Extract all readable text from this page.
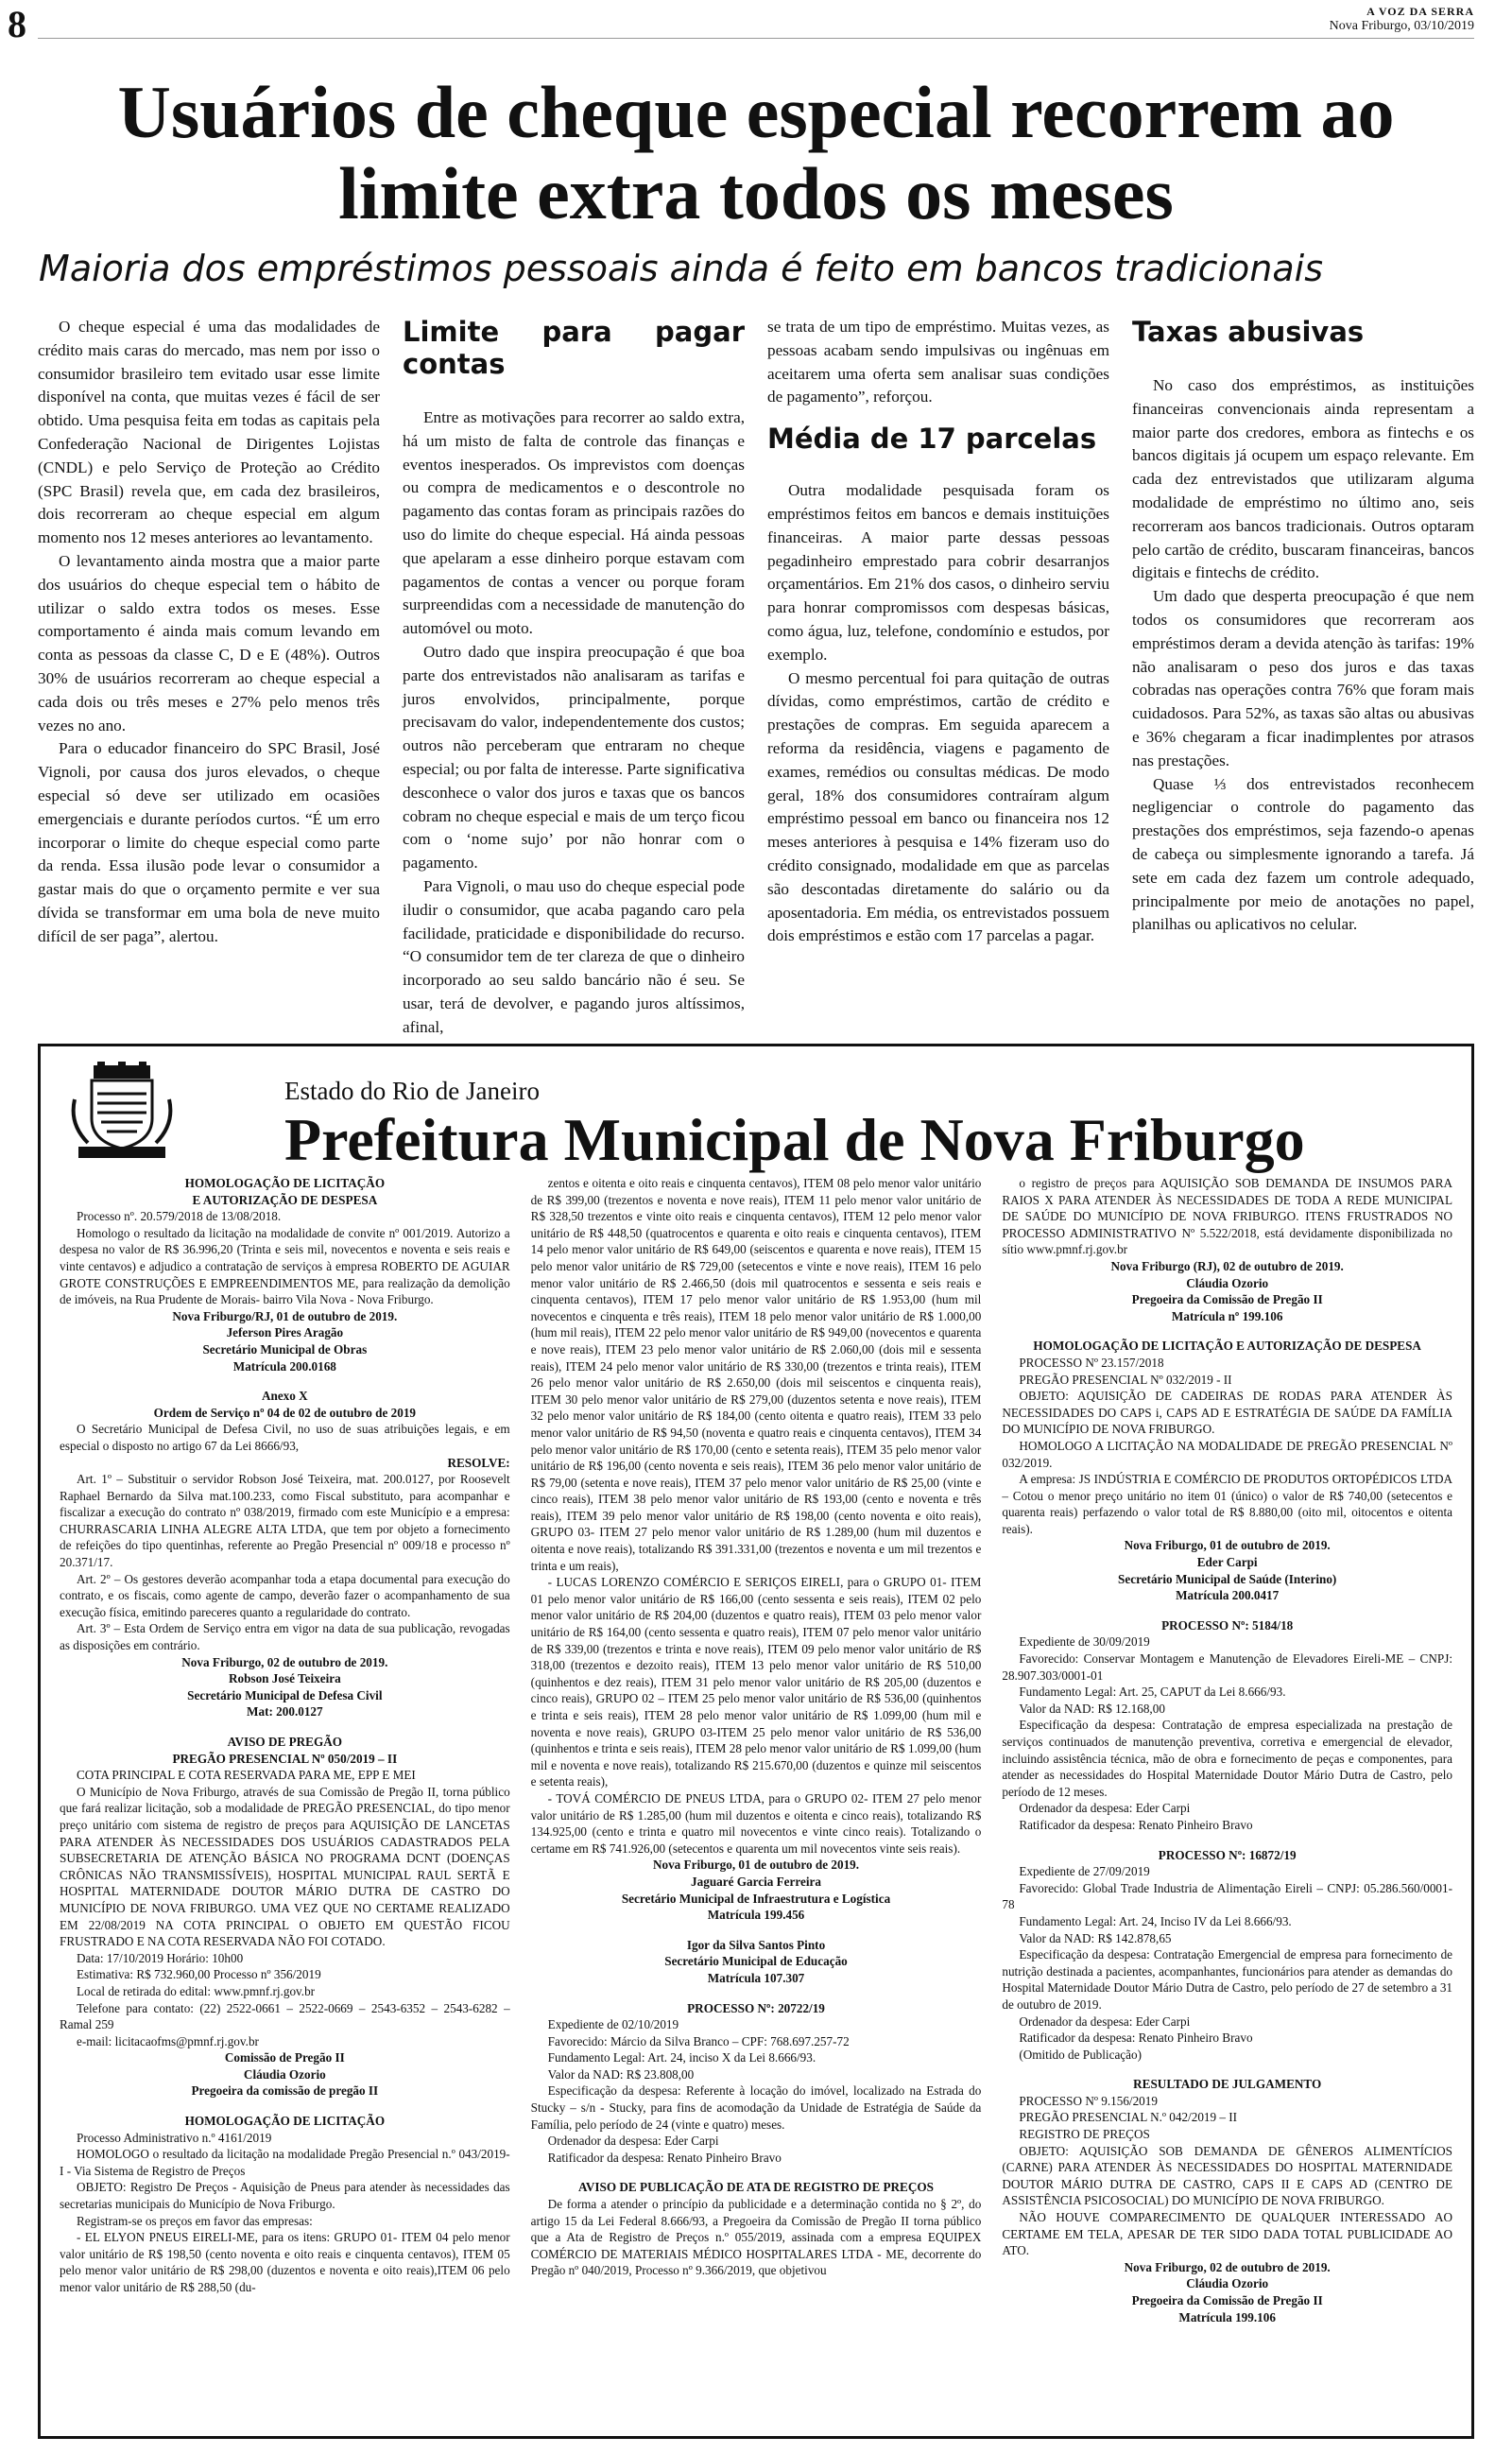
8	A VOZ DA SERRA
Nova Friburgo, 03/10/2019
Usuários de cheque especial recorrem ao limite extra todos os meses
Maioria dos empréstimos pessoais ainda é feito em bancos tradicionais

O cheque especial é uma das modalidades de crédito mais caras do mercado, mas nem por isso o consumidor brasileiro tem evitado usar esse limite disponível na conta, que muitas vezes é fácil de ser obtido. Uma pesquisa feita em todas as capitais pela Confederação Nacional de Dirigentes Lojistas (CNDL) e pelo Serviço de Proteção ao Crédito (SPC Brasil) revela que, em cada dez brasileiros, dois recorreram ao cheque especial em algum momento nos 12 meses anteriores ao levantamento.

O levantamento ainda mostra que a maior parte dos usuários do cheque especial tem o hábito de utilizar o saldo extra todos os meses. Esse comportamento é ainda mais comum levando em conta as pessoas da classe C, D e E (48%). Outros 30% de usuários recorreram ao cheque especial a cada dois ou três meses e 27% pelo menos três vezes no ano.

Para o educador financeiro do SPC Brasil, José Vignoli, por causa dos juros elevados, o cheque especial só deve ser utilizado em ocasiões emergenciais e durante períodos curtos. “É um erro incorporar o limite do cheque especial como parte da renda. Essa ilusão pode levar o consumidor a gastar mais do que o orçamento permite e ver sua dívida se transformar em uma bola de neve muito difícil de ser paga”, alertou.

Limite para pagar contas

Entre as motivações para recorrer ao saldo extra, há um misto de falta de controle das finanças e eventos inesperados. Os imprevistos com doenças ou compra de medicamentos e o descontrole no pagamento das contas foram as principais razões do uso do limite do cheque especial. Há ainda pessoas que apelaram a esse dinheiro porque estavam com pagamentos de contas a vencer ou porque foram surpreendidas com a necessidade de manutenção do automóvel ou moto.

Outro dado que inspira preocupação é que boa parte dos entrevistados não analisaram as tarifas e juros envolvidos, principalmente, porque precisavam do valor, independentemente dos custos; outros não perceberam que entraram no cheque especial; ou por falta de interesse. Parte significativa desconhece o valor dos juros e taxas que os bancos cobram no cheque especial e mais de um terço ficou com o ‘nome sujo’ por não honrar com o pagamento.

Para Vignoli, o mau uso do cheque especial pode iludir o consumidor, que acaba pagando caro pela facilidade, praticidade e disponibilidade do recurso. “O consumidor tem de ter clareza de que o dinheiro incorporado ao seu saldo bancário não é seu. Se usar, terá de devolver, e pagando juros altíssimos, afinal,

se trata de um tipo de empréstimo. Muitas vezes, as pessoas acabam sendo impulsivas ou ingênuas em aceitarem uma oferta sem analisar suas condições de pagamento”, reforçou.

Média de 17 parcelas

Outra modalidade pesquisada foram os empréstimos feitos em bancos e demais instituições financeiras. A maior parte dessas pessoas pegadinheiro emprestado para cobrir desarranjos orçamentários. Em 21% dos casos, o dinheiro serviu para honrar compromissos com despesas básicas, como água, luz, telefone, condomínio e estudos, por exemplo.

O mesmo percentual foi para quitação de outras dívidas, como empréstimos, cartão de crédito e prestações de compras. Em seguida aparecem a reforma da residência, viagens e pagamento de exames, remédios ou consultas médicas. De modo geral, 18% dos consumidores contraíram algum empréstimo pessoal em banco ou financeira nos 12 meses anteriores à pesquisa e 14% fizeram uso do crédito consignado, modalidade em que as parcelas são descontadas diretamente do salário ou da aposentadoria. Em média, os entrevistados possuem dois empréstimos e estão com 17 parcelas a pagar.

Taxas abusivas

No caso dos empréstimos, as instituições financeiras convencionais ainda representam a maior parte dos credores, embora as fintechs e os bancos digitais já ocupem um espaço relevante. Em cada dez entrevistados que utilizaram alguma modalidade de empréstimo no último ano, seis recorreram aos bancos tradicionais. Outros optaram pelo cartão de crédito, buscaram financeiras, bancos digitais e fintechs de crédito.

Um dado que desperta preocupação é que nem todos os consumidores que recorreram aos empréstimos deram a devida atenção às tarifas: 19% não analisaram o peso dos juros e das taxas cobradas nas operações contra 76% que foram mais cuidadosos. Para 52%, as taxas são altas ou abusivas e 36% chegaram a ficar inadimplentes por atrasos nas prestações.

Quase ⅓ dos entrevistados reconhecem negligenciar o controle do pagamento das prestações dos empréstimos, seja fazendo-o apenas de cabeça ou simplesmente ignorando a tarefa. Já sete em cada dez fazem um controle adequado, principalmente por meio de anotações no papel, planilhas ou aplicativos no celular.

Estado do Rio de Janeiro
Prefeitura Municipal de Nova Friburgo

HOMOLOGAÇÃO DE LICITAÇÃO

E AUTORIZAÇÃO DE DESPESA

Processo nº. 20.579/2018 de 13/08/2018.

Homologo o resultado da licitação na modalidade de convite nº 001/2019. Autorizo a despesa no valor de R$ 36.996,20 (Trinta e seis mil, novecentos e noventa e seis reais e vinte centavos) e adjudico a contratação de serviços à empresa ROBERTO DE AGUIAR GROTE CONSTRUÇÕES E EMPREENDIMENTOS ME, para realização da demolição de imóveis, na Rua Prudente de Morais- bairro Vila Nova - Nova Friburgo.

Nova Friburgo/RJ, 01 de outubro de 2019.

Jeferson Pires Aragão

Secretário Municipal de Obras

Matrícula 200.0168

Anexo X

Ordem de Serviço nº 04 de 02 de outubro de 2019

O Secretário Municipal de Defesa Civil, no uso de suas atribuições legais, e em especial o disposto no artigo 67 da Lei 8666/93,

RESOLVE:

Art. 1º – Substituir o servidor Robson José Teixeira, mat. 200.0127, por Roosevelt Raphael Bernardo da Silva mat.100.233, como Fiscal substituto, para acompanhar e fiscalizar a execução do contrato nº 038/2019, firmado com este Município e a empresa: CHURRASCARIA LINHA ALEGRE ALTA LTDA, que tem por objeto a fornecimento de refeições do tipo quentinhas, referente ao Pregão Presencial nº 009/18 e processo nº 20.371/17.

Art. 2º – Os gestores deverão acompanhar toda a etapa documental para execução do contrato, e os fiscais, como agente de campo, deverão fazer o acompanhamento de sua execução física, emitindo pareceres quanto a regularidade do contrato.

Art. 3º – Esta Ordem de Serviço entra em vigor na data de sua publicação, revogadas as disposições em contrário.

Nova Friburgo, 02 de outubro de 2019.

Robson José Teixeira

Secretário Municipal de Defesa Civil

Mat: 200.0127

AVISO DE PREGÃO

PREGÃO PRESENCIAL Nº 050/2019 – II

COTA PRINCIPAL E COTA RESERVADA PARA ME, EPP E MEI

O Município de Nova Friburgo, através de sua Comissão de Pregão II, torna público que fará realizar licitação, sob a modalidade de PREGÃO PRESENCIAL, do tipo menor preço unitário com sistema de registro de preços para AQUISIÇÃO DE LANCETAS PARA ATENDER ÀS NECESSIDADES DOS USUÁRIOS CADASTRADOS PELA SUBSECRETARIA DE ATENÇÃO BÁSICA NO PROGRAMA DCNT (DOENÇAS CRÔNICAS NÃO TRANSMISSÍVEIS), HOSPITAL MUNICIPAL RAUL SERTÃ E HOSPITAL MATERNIDADE DOUTOR MÁRIO DUTRA DE CASTRO DO MUNICÍPIO DE NOVA FRIBURGO. UMA VEZ QUE NO CERTAME REALIZADO EM 22/08/2019 NA COTA PRINCIPAL O OBJETO EM QUESTÃO FICOU FRUSTRADO E NA COTA RESERVADA NÃO FOI COTADO.

Data: 17/10/2019 Horário: 10h00

Estimativa: R$ 732.960,00 Processo nº 356/2019

Local de retirada do edital: www.pmnf.rj.gov.br

Telefone para contato: (22) 2522-0661 – 2522-0669 – 2543-6352 – 2543-6282 – Ramal 259

e-mail: licitacaofms@pmnf.rj.gov.br

Comissão de Pregão II

Cláudia Ozorio

Pregoeira da comissão de pregão II

HOMOLOGAÇÃO DE LICITAÇÃO

Processo Administrativo n.º 4161/2019

HOMOLOGO o resultado da licitação na modalidade Pregão Presencial n.º 043/2019- I - Via Sistema de Registro de Preços

OBJETO: Registro De Preços - Aquisição de Pneus para atender às necessidades das secretarias municipais do Município de Nova Friburgo.

Registram-se os preços em favor das empresas:

- EL ELYON PNEUS EIRELI-ME, para os itens: GRUPO 01- ITEM 04 pelo menor valor unitário de R$ 198,50 (cento noventa e oito reais e cinquenta centavos), ITEM 05 pelo menor valor unitário de R$ 298,00 (duzentos e noventa e oito reais),ITEM 06 pelo menor valor unitário de R$ 288,50 (du-

zentos e oitenta e oito reais e cinquenta centavos), ITEM 08 pelo menor valor unitário de R$ 399,00 (trezentos e noventa e nove reais), ITEM 11 pelo menor valor unitário de R$ 328,50 trezentos e vinte oito reais e cinquenta centavos), ITEM 12 pelo menor valor unitário de R$ 448,50 (quatrocentos e quarenta e oito reais e cinquenta centavos), ITEM 14 pelo menor valor unitário de R$ 649,00 (seiscentos e quarenta e nove reais), ITEM 15 pelo menor valor unitário de R$ 729,00 (setecentos e vinte e nove reais), ITEM 16 pelo menor valor unitário de R$ 2.466,50 (dois mil quatrocentos e sessenta e seis reais e cinquenta centavos), ITEM 17 pelo menor valor unitário de R$ 1.953,00 (hum mil novecentos e cinquenta e três reais), ITEM 18 pelo menor valor unitário de R$ 1.000,00 (hum mil reais), ITEM 22 pelo menor valor unitário de R$ 949,00 (novecentos e quarenta e nove reais), ITEM 23 pelo menor valor unitário de R$ 2.060,00 (dois mil e sessenta reais), ITEM 24 pelo menor valor unitário de R$ 330,00 (trezentos e trinta reais), ITEM 26 pelo menor valor unitário de R$ 2.650,00 (dois mil seiscentos e cinquenta reais), ITEM 30 pelo menor valor unitário de R$ 279,00 (duzentos setenta e nove reais), ITEM 32 pelo menor valor unitário de R$ 184,00 (cento oitenta e quatro reais), ITEM 33 pelo menor valor unitário de R$ 94,50 (noventa e quatro reais e cinquenta centavos), ITEM 34 pelo menor valor unitário de R$ 170,00 (cento e setenta reais), ITEM 35 pelo menor valor unitário de R$ 196,00 (cento noventa e seis reais), ITEM 36 pelo menor valor unitário de R$ 79,00 (setenta e nove reais), ITEM 37 pelo menor valor unitário de R$ 25,00 (vinte e cinco reais), ITEM 38 pelo menor valor unitário de R$ 193,00 (cento e noventa e três reais), ITEM 39 pelo menor valor unitário de R$ 198,00 (cento noventa e oito reais), GRUPO 03- ITEM 27 pelo menor valor unitário de R$ 1.289,00 (hum mil duzentos e oitenta e nove reais), totalizando R$ 391.331,00 (trezentos e noventa e um mil trezentos e trinta e um reais),

- LUCAS LORENZO COMÉRCIO E SERIÇOS EIRELI, para o GRUPO 01- ITEM 01 pelo menor valor unitário de R$ 166,00 (cento sessenta e seis reais), ITEM 02 pelo menor valor unitário de R$ 204,00 (duzentos e quatro reais), ITEM 03 pelo menor valor unitário de R$ 164,00 (cento sessenta e quatro reais), ITEM 07 pelo menor valor unitário de R$ 339,00 (trezentos e trinta e nove reais), ITEM 09 pelo menor valor unitário de R$ 318,00 (trezentos e dezoito reais), ITEM 13 pelo menor valor unitário de R$ 510,00 (quinhentos e dez reais), ITEM 31 pelo menor valor unitário de R$ 205,00 (duzentos e cinco reais), GRUPO 02 – ITEM 25 pelo menor valor unitário de R$ 536,00 (quinhentos e trinta e seis reais), ITEM 28 pelo menor valor unitário de R$ 1.099,00 (hum mil e noventa e nove reais), GRUPO 03-ITEM 25 pelo menor valor unitário de R$ 536,00 (quinhentos e trinta e seis reais), ITEM 28 pelo menor valor unitário de R$ 1.099,00 (hum mil e noventa e nove reais), totalizando R$ 215.670,00 (duzentos e quinze mil seiscentos e setenta reais),

- TOVÁ COMÉRCIO DE PNEUS LTDA, para o GRUPO 02- ITEM 27 pelo menor valor unitário de R$ 1.285,00 (hum mil duzentos e oitenta e cinco reais), totalizando R$ 134.925,00 (cento e trinta e quatro mil novecentos e vinte cinco reais). Totalizando o certame em R$ 741.926,00 (setecentos e quarenta um mil novecentos vinte seis reais).

Nova Friburgo, 01 de outubro de 2019.

Jaguaré Garcia Ferreira

Secretário Municipal de Infraestrutura e Logística

Matrícula 199.456

Igor da Silva Santos Pinto

Secretário Municipal de Educação

Matrícula 107.307

PROCESSO Nº: 20722/19

Expediente de 02/10/2019

Favorecido: Márcio da Silva Branco – CPF: 768.697.257-72

Fundamento Legal: Art. 24, inciso X da Lei 8.666/93.

Valor da NAD: R$ 23.808,00

Especificação da despesa: Referente à locação do imóvel, localizado na Estrada do Stucky – s/n - Stucky, para fins de acomodação da Unidade de Estratégia de Saúde da Família, pelo período de 24 (vinte e quatro) meses.

Ordenador da despesa: Eder Carpi

Ratificador da despesa: Renato Pinheiro Bravo

AVISO DE PUBLICAÇÃO DE ATA DE REGISTRO DE PREÇOS

De forma a atender o princípio da publicidade e a determinação contida no § 2º, do artigo 15 da Lei Federal 8.666/93, a Pregoeira da Comissão de Pregão II torna público que a Ata de Registro de Preços n.º 055/2019, assinada com a empresa EQUIPEX COMÉRCIO DE MATERIAIS MÉDICO HOSPITALARES LTDA - ME, decorrente do Pregão nº 040/2019, Processo nº 9.366/2019, que objetivou

o registro de preços para AQUISIÇÃO SOB DEMANDA DE INSUMOS PARA RAIOS X PARA ATENDER ÀS NECESSIDADES DE TODA A REDE MUNICIPAL DE SAÚDE DO MUNICÍPIO DE NOVA FRIBURGO. ITENS FRUSTRADOS NO PROCESSO ADMINISTRATIVO Nº 5.522/2018, está devidamente disponibilizada no sítio www.pmnf.rj.gov.br

Nova Friburgo (RJ), 02 de outubro de 2019.

Cláudia Ozorio

Pregoeira da Comissão de Pregão II

Matrícula nº 199.106

HOMOLOGAÇÃO DE LICITAÇÃO E AUTORIZAÇÃO DE DESPESA

PROCESSO Nº 23.157/2018

PREGÃO PRESENCIAL Nº 032/2019 - II

OBJETO: AQUISIÇÃO DE CADEIRAS DE RODAS PARA ATENDER ÀS NECESSIDADES DO CAPS i, CAPS AD E ESTRATÉGIA DE SAÚDE DA FAMÍLIA DO MUNICÍPIO DE NOVA FRIBURGO.

HOMOLOGO A LICITAÇÃO NA MODALIDADE DE PREGÃO PRESENCIAL Nº 032/2019.

A empresa: JS INDÚSTRIA E COMÉRCIO DE PRODUTOS ORTOPÉDICOS LTDA – Cotou o menor preço unitário no item 01 (único) o valor de R$ 740,00 (setecentos e quarenta reais) perfazendo o valor total de R$ 8.880,00 (oito mil, oitocentos e oitenta reais).

Nova Friburgo, 01 de outubro de 2019.

Eder Carpi

Secretário Municipal de Saúde (Interino)

Matrícula 200.0417

PROCESSO Nº: 5184/18

Expediente de 30/09/2019

Favorecido: Conservar Montagem e Manutenção de Elevadores Eireli-ME – CNPJ: 28.907.303/0001-01

Fundamento Legal: Art. 25, CAPUT da Lei 8.666/93.

Valor da NAD: R$ 12.168,00

Especificação da despesa: Contratação de empresa especializada na prestação de serviços continuados de manutenção preventiva, corretiva e emergencial de elevador, incluindo assistência técnica, mão de obra e fornecimento de peças e componentes, para atender as necessidades do Hospital Maternidade Doutor Mário Dutra de Castro, pelo período de 12 meses.

Ordenador da despesa: Eder Carpi

Ratificador da despesa: Renato Pinheiro Bravo

PROCESSO Nº: 16872/19

Expediente de 27/09/2019

Favorecido: Global Trade Industria de Alimentação Eireli – CNPJ: 05.286.560/0001-78

Fundamento Legal: Art. 24, Inciso IV da Lei 8.666/93.

Valor da NAD: R$ 142.878,65

Especificação da despesa: Contratação Emergencial de empresa para fornecimento de nutrição destinada a pacientes, acompanhantes, funcionários para atender as demandas do Hospital Maternidade Doutor Mário Dutra de Castro, pelo período de 27 de setembro a 31 de outubro de 2019.

Ordenador da despesa: Eder Carpi

Ratificador da despesa: Renato Pinheiro Bravo

(Omitido de Publicação)

RESULTADO DE JULGAMENTO

PROCESSO Nº 9.156/2019

PREGÃO PRESENCIAL N.º 042/2019 – II

REGISTRO DE PREÇOS

OBJETO: AQUISIÇÃO SOB DEMANDA DE GÊNEROS ALIMENTÍCIOS (CARNE) PARA ATENDER ÀS NECESSIDADES DO HOSPITAL MATERNIDADE DOUTOR MÁRIO DUTRA DE CASTRO, CAPS II E CAPS AD (CENTRO DE ASSISTÊNCIA PSICOSOCIAL) DO MUNICÍPIO DE NOVA FRIBURGO.

NÃO HOUVE COMPARECIMENTO DE QUALQUER INTERESSADO AO CERTAME EM TELA, APESAR DE TER SIDO DADA TOTAL PUBLICIDADE AO ATO.

Nova Friburgo, 02 de outubro de 2019.

Cláudia Ozorio

Pregoeira da Comissão de Pregão II

Matrícula 199.106
